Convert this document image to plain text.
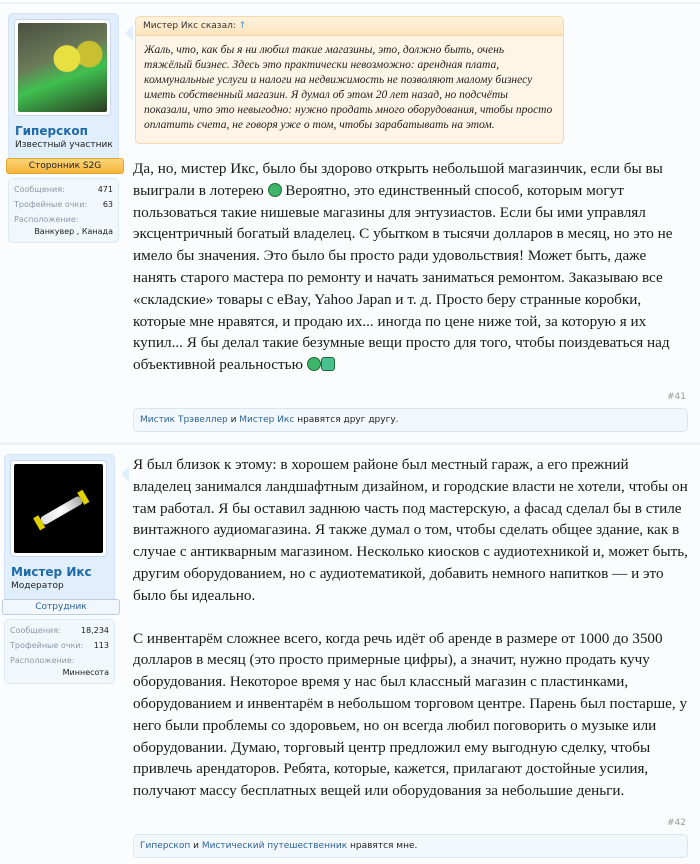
Гиперскоп
Известный участник
Сторонник S2G
Сообщения:	471
Трофейные очки: 63
Расположение:
Ванкувер , Канада
Мистер Икс сказал: ↑
Жаль, что, как бы я ни любил такие магазины, это, должно быть, очень тяжёлый бизнес. Здесь это практически невозможно: арендная плата, коммунальные услуги и налоги на недвижимость не позволяют малому бизнесу иметь собственный магазин. Я думал об этом 20 лет назад, но подсчёты показали, что это невыгодно: нужно продать много оборудования, чтобы просто оплатить счета, не говоря уже о том, чтобы зарабатывать на этом.
Да, но, мистер Икс, было бы здорово открыть небольшой магазинчик, если бы вы выиграли в лотерею  Вероятно, это единственный способ, которым могут пользоваться такие нишевые магазины для энтузиастов. Если бы ими управлял эксцентричный богатый владелец. С убытком в тысячи долларов в месяц, но это не имело бы значения. Это было бы просто ради удовольствия! Может быть, даже нанять старого мастера по ремонту и начать заниматься ремонтом. Заказываю все «складские» товары с eBay, Yahoo Japan и т. д. Просто беру странные коробки, которые мне нравятся, и продаю их... иногда по цене ниже той, за которую я их купил... Я бы делал такие безумные вещи просто для того, чтобы поиздеваться над объективной реальностью
#41
Мистик Трэвеллер и Мистер Икс нравятся друг другу.
Мистер Икс
Модератор
Сотрудник
Сообщения:	18,234
Трофейные очки: 113
Расположение:
Миннесота

Я был близок к этому: в хорошем районе был местный гараж, а его прежний владелец занимался ландшафтным дизайном, и городские власти не хотели, чтобы он там работал. Я бы оставил заднюю часть под мастерскую, а фасад сделал бы в стиле винтажного аудиомагазина. Я также думал о том, чтобы сделать общее здание, как в случае с антикварным магазином. Несколько киосков с аудиотехникой и, может быть, другим оборудованием, но с аудиотематикой, добавить немного напитков — и это было бы идеально.

С инвентарём сложнее всего, когда речь идёт об аренде в размере от 1000 до 3500 долларов в месяц (это просто примерные цифры), а значит, нужно продать кучу оборудования. Некоторое время у нас был классный магазин с пластинками, оборудованием и инвентарём в небольшом торговом центре. Парень был постарше, у него были проблемы со здоровьем, но он всегда любил поговорить о музыке или оборудовании. Думаю, торговый центр предложил ему выгодную сделку, чтобы привлечь арендаторов. Ребята, которые, кажется, прилагают достойные усилия, получают массу бесплатных вещей или оборудования за небольшие деньги.

#42
Гиперскоп и Мистический путешественник нравятся мне.
